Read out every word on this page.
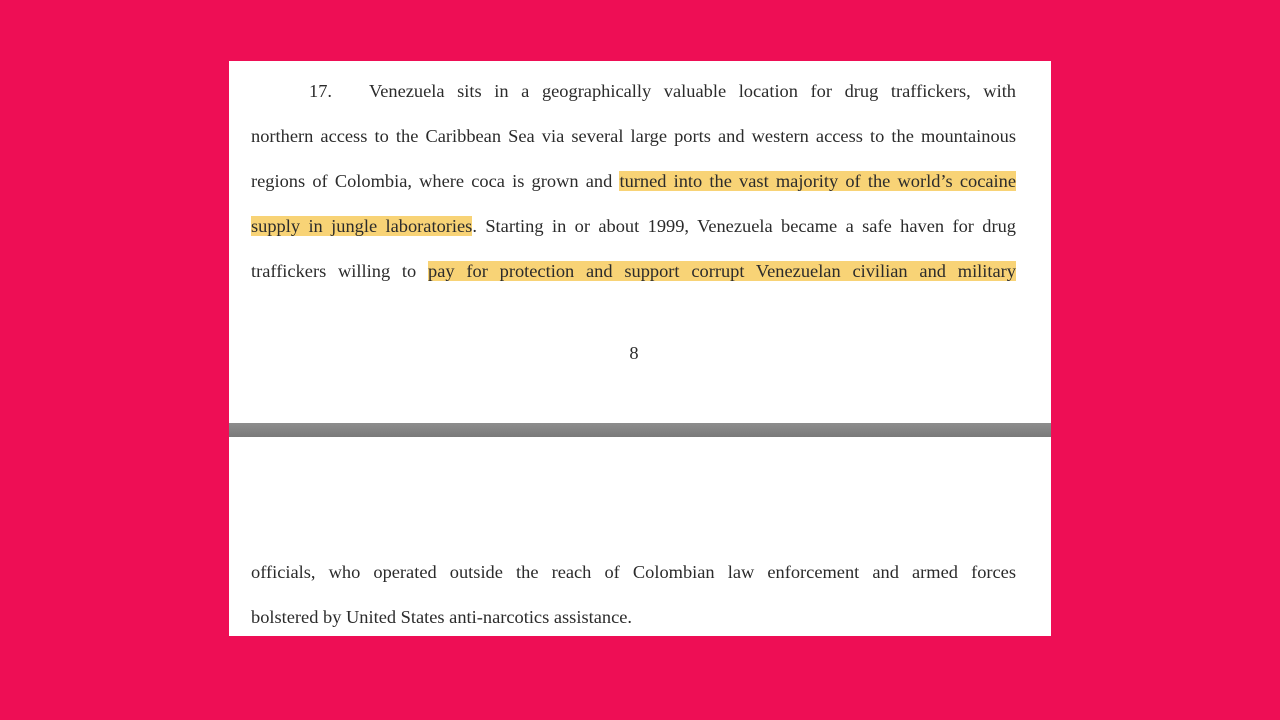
17. Venezuela sits in a geographically valuable location for drug traffickers, with
northern access to the Caribbean Sea via several large ports and western access to the mountainous
regions of Colombia, where coca is grown and turned into the vast majority of the world’s cocaine
supply in jungle laboratories. Starting in or about 1999, Venezuela became a safe haven for drug
traffickers willing to pay for protection and support corrupt Venezuelan civilian and military
8
officials, who operated outside the reach of Colombian law enforcement and armed forces
bolstered by United States anti-narcotics assistance.
